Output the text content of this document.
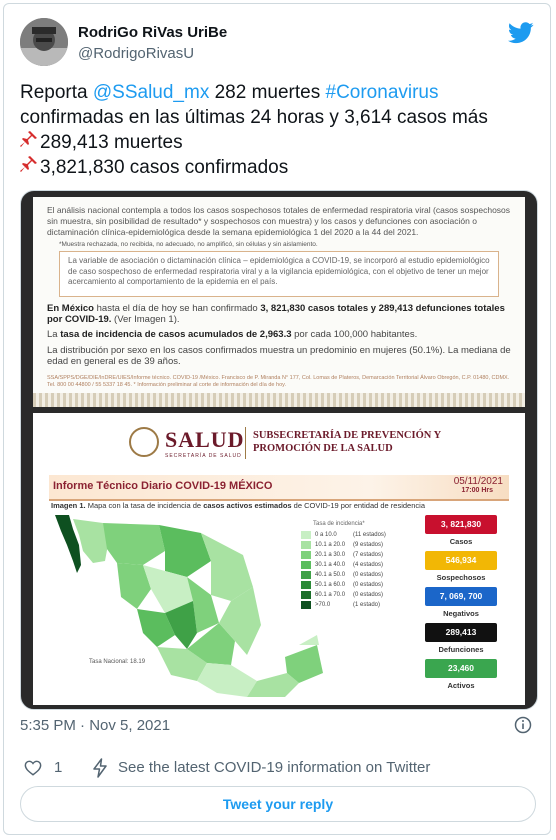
RodriGo RiVas UriBe
@RodrigoRivasU
Reporta @SSalud_mx 282 muertes #Coronavirus
confirmadas en las últimas 24 horas y 3,614 casos más
289,413 muertes
3,821,830 casos confirmados
El análisis nacional contempla a todos los casos sospechosos totales de enfermedad respiratoria viral (casos sospechosos sin muestra, sin posibilidad de resultado* y sospechosos con muestra) y los casos y defunciones con asociación o dictaminación clínica-epidemiológica desde la semana epidemiológica 1 del 2020 a la 44 del 2021.
*Muestra rechazada, no recibida, no adecuado, no amplificó, sin células y sin aislamiento.
La variable de asociación o dictaminación clínica – epidemiológica a COVID-19, se incorporó al estudio epidemiológico de caso sospechoso de enfermedad respiratoria viral y a la vigilancia epidemiológica, con el objetivo de tener un mejor acercamiento al comportamiento de la epidemia en el país.
En México hasta el día de hoy se han confirmado 3, 821,830 casos totales y 289,413 defunciones totales por COVID-19. (Ver Imagen 1).
La tasa de incidencia de casos acumulados de 2,963.3 por cada 100,000 habitantes.
La distribución por sexo en los casos confirmados muestra un predominio en mujeres (50.1%). La mediana de edad en general es de 39 años.
SSA/SPPS/DGE/DIE/InDRE/UIES/Informe técnico. COVID-19 /México. Francisco de P. Miranda N° 177, Col. Lomas de Plateros, Demarcación Territorial Álvaro Obregón, C.P. 01480, CDMX. Tel. 800 00 44800 / 55 5337 18 45. * Información preliminar al corte de información del día de hoy.
SALUD
SECRETARÍA DE SALUD
SUBSECRETARÍA DE PREVENCIÓN Y
PROMOCIÓN DE LA SALUD
Informe Técnico Diario COVID-19 MÉXICO	05/11/2021
17:00 Hrs
Imagen 1. Mapa con la tasa de incidencia de casos activos estimados de COVID-19 por entidad de residencia
Tasa de incidencia*
0 a 10.0	(11 estados)
10.1 a 20.0	(9 estados)
20.1 a 30.0	(7 estados)
30.1 a 40.0	(4 estados)
40.1 a 50.0	(0 estados)
50.1 a 60.0	(0 estados)
60.1 a 70.0	(0 estados)
>70.0	(1 estado)
Tasa Nacional: 18.19
3, 821,830
Casos
546,934
Sospechosos
7, 069, 700
Negativos
289,413
Defunciones
23,460
Activos
5:35 PM · Nov 5, 2021
1	See the latest COVID-19 information on Twitter
Tweet your reply
